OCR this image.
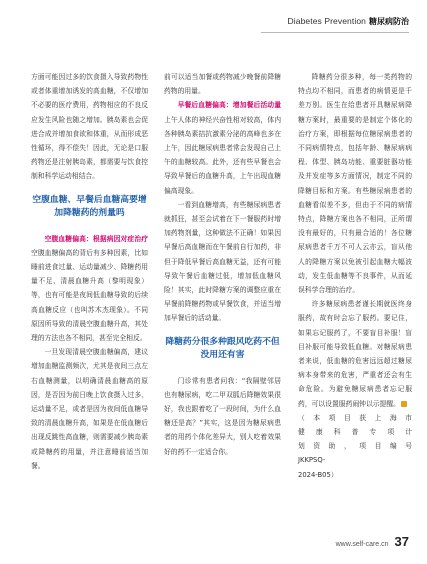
Diabetes Prevention 糖尿病防治

方面可能因过多的饮食摄入导致药物性或者体重增加诱发的高血糖，不仅增加不必要的医疗费用，药物相应的不良反应发生风险也随之增加。胰岛素也会促进合成并增加食欲和体重，从而形成恶性循环，得不偿失！因此，无论是口服药物还是注射胰岛素，都需要与饮食控制和科学运动相结合。

空腹血糖、早餐后血糖高要增加降糖药的剂量吗

空腹血糖偏高：根据病因对症治疗 空腹血糖偏高的背后有多种因素，比如睡前进食过量、运动量减少、降糖药用量不足、清晨血糖升高（黎明现象）等，也有可能是夜间低血糖导致的后续高血糖反应（也叫苏木杰现象）。不同原因所导致的清晨空腹血糖升高，其处理的方法也各不相同，甚至完全相反。

一旦发现清晨空腹血糖偏高，建议增加血糖监测频次，尤其是夜间三点左右血糖测量，以明确清晨血糖高的原因，是否因为前日晚上饮食摄入过多、运动量不足，或者是因为夜间低血糖导致的清晨血糖升高，如果是在低血糖后出现反跳性高血糖，则需要减少胰岛素或降糖药的用量，并注意睡前适当加餐。

前可以适当加餐或药物减少晚餐前降糖药物的用量。

早餐后血糖偏高：增加餐后活动量 上午人体的神经兴奋性相对较高，体内各种胰岛素拮抗激素分泌的高峰也多在上午，因此糖尿病患者常会发现自己上午的血糖较高。此外，还有些早餐也会导致早餐后的血糖升高，上午出现血糖偏高现象。

一看到血糖增高，有些糖尿病患者就抓狂，甚至会试着在下一餐服药时增加药物剂量，这种做法不正确！如果因早餐后高血糖而在午餐前自行加药，非但于降低早餐后高血糖无益，还有可能导致午餐后血糖过低，增加低血糖风险！其实，此时降糖方案的调整应重在早餐前降糖药物或早餐饮食，并适当增加早餐后的活动量。

降糖药分很多种跟风吃药不但没用还有害

门诊常有患者问我：“我隔壁邻居也有糖尿病，吃二甲双胍后降糖效果很好，我也跟着吃了一段时间，为什么血糖还是高？”其实，这是因为糖尿病患者的用药个体化差异大，别人吃着效果好的药不一定适合你。

降糖药分很多种，每一类药物的特点均不相同，而患者的病情更是千差万别。医生在给患者开具糖尿病降糖方案时，最重要的是制定个体化的治疗方案，即根据每位糖尿病患者的不同病情特点，包括年龄、糖尿病病程、体型、胰岛功能、重要脏器功能及并发症等多方面情况，制定不同的降糖目标和方案。有些糖尿病患者的血糖看似差不多，但由于不同的病情特点，降糖方案也各不相同，正所谓没有最好的，只有最合适的！各位糖尿病患者千万不可人云亦云，盲从他人的降糖方案以免被引起血糖大幅波动，发生低血糖等不良事件，从而延误科学合理的治疗。

许多糖尿病患者谨长期就医终身服药，故有时会忘了服药。要记住，如果忘记服药了，不要盲目补服！盲目补服可能导致低血糖。对糖尿病患者来说，低血糖的危害远远超过糖尿病本身带来的危害，严重者还会有生命危险。为避免糖尿病患者忘记服药，可以设置服药闹钟以示提醒。

（本项目获上海市
健康科普专项计
划资助，项目编号
JKKPSQ-
2024-B05）

www.self-care.cn 37
